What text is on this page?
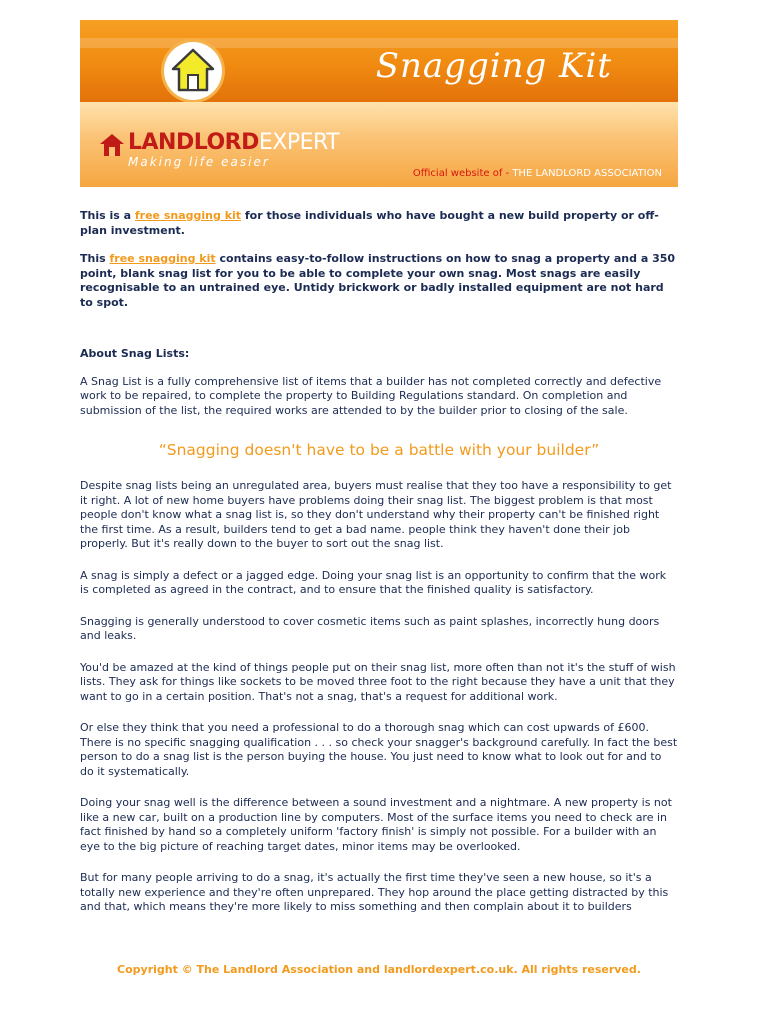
Snagging Kit
LANDLORDEXPERT
Making life easier
Official website of - THE LANDLORD ASSOCIATION

This is a free snagging kit for those individuals who have bought a new build property or off-plan investment.

This free snagging kit contains easy-to-follow instructions on how to snag a property and a 350 point, blank snag list for you to be able to complete your own snag. Most snags are easily recognisable to an untrained eye. Untidy brickwork or badly installed equipment are not hard to spot.

About Snag Lists:

A Snag List is a fully comprehensive list of items that a builder has not completed correctly and defective work to be repaired, to complete the property to Building Regulations standard. On completion and submission of the list, the required works are attended to by the builder prior to closing of the sale.

“Snagging doesn't have to be a battle with your builder”

Despite snag lists being an unregulated area, buyers must realise that they too have a responsibility to get it right. A lot of new home buyers have problems doing their snag list. The biggest problem is that most people don't know what a snag list is, so they don't understand why their property can't be finished right the first time. As a result, builders tend to get a bad name. people think they haven't done their job properly. But it's really down to the buyer to sort out the snag list.

A snag is simply a defect or a jagged edge. Doing your snag list is an opportunity to confirm that the work is completed as agreed in the contract, and to ensure that the finished quality is satisfactory.

Snagging is generally understood to cover cosmetic items such as paint splashes, incorrectly hung doors and leaks.

You'd be amazed at the kind of things people put on their snag list, more often than not it's the stuff of wish lists. They ask for things like sockets to be moved three foot to the right because they have a unit that they want to go in a certain position. That's not a snag, that's a request for additional work.

Or else they think that you need a professional to do a thorough snag which can cost upwards of £600. There is no specific snagging qualification . . . so check your snagger's background carefully. In fact the best person to do a snag list is the person buying the house. You just need to know what to look out for and to do it systematically.

Doing your snag well is the difference between a sound investment and a nightmare. A new property is not like a new car, built on a production line by computers. Most of the surface items you need to check are in fact finished by hand so a completely uniform 'factory finish' is simply not possible. For a builder with an eye to the big picture of reaching target dates, minor items may be overlooked.

But for many people arriving to do a snag, it's actually the first time they've seen a new house, so it's a totally new experience and they're often unprepared. They hop around the place getting distracted by this and that, which means they're more likely to miss something and then complain about it to builders

Copyright © The Landlord Association and landlordexpert.co.uk. All rights reserved.
